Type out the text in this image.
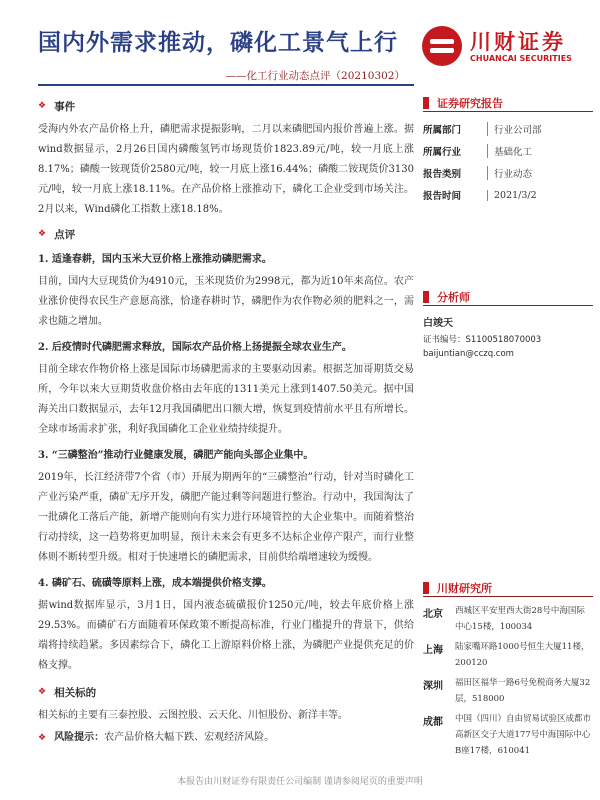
国内外需求推动，磷化工景气上行
——化工行业动态点评（20210302）
川财证券
CHUANCAI SECURITIES
❖ 事件

受海内外农产品价格上升，磷肥需求提振影响，二月以来磷肥国内报价普遍上涨。据wind数据显示，2月26日国内磷酸氢钙市场现货价1823.89元/吨，较一月底上涨8.17%；磷酸一铵现货价2580元/吨，较一月底上涨16.44%；磷酸二铵现货价3130元/吨，较一月底上涨18.11%。在产品价格上涨推动下，磷化工企业受到市场关注。2月以来，Wind磷化工指数上涨18.18%。

❖ 点评
1. 适逢春耕，国内玉米大豆价格上涨推动磷肥需求。

目前，国内大豆现货价为4910元，玉米现货价为2998元，都为近10年来高位。农产业涨价使得农民生产意愿高涨，恰逢春耕时节，磷肥作为农作物必须的肥料之一，需求也随之增加。

2. 后疫情时代磷肥需求释放，国际农产品价格上扬提振全球农业生产。

目前全球农作物价格上涨是国际市场磷肥需求的主要驱动因素。根据芝加哥期货交易所，今年以来大豆期货收盘价格由去年底的1311美元上涨到1407.50美元。据中国海关出口数据显示，去年12月我国磷肥出口额大增，恢复到疫情前水平且有所增长。全球市场需求扩张，利好我国磷化工企业业绩持续提升。

3. “三磷整治”推动行业健康发展，磷肥产能向头部企业集中。

2019年，长江经济带7个省（市）开展为期两年的“三磷整治”行动，针对当时磷化工产业污染严重，磷矿无序开发，磷肥产能过剩等问题进行整治。行动中，我国淘汰了一批磷化工落后产能，新增产能则向有实力进行环境管控的大企业集中。而随着整治行动持续，这一趋势将更加明显，预计未来会有更多不达标企业停产限产，而行业整体则不断转型升级。相对于快速增长的磷肥需求，目前供给端增速较为缓慢。

4. 磷矿石、硫磺等原料上涨，成本端提供价格支撑。

据wind数据库显示，3月1日，国内液态硫磺报价1250元/吨，较去年底价格上涨29.53%。而磷矿石方面随着环保政策不断提高标准，行业门槛提升的背景下，供给端将持续趋紧。多因素综合下，磷化工上游原料价格上涨，为磷肥产业提供充足的价格支撑。

❖ 相关标的

相关标的主要有三泰控股、云图控股、云天化、川恒股份、新洋丰等。

❖ 风险提示： 农产品价格大幅下跌、宏观经济风险。
证券研究报告
所属部门	行业公司部
所属行业	基础化工
报告类别	行业动态
报告时间	2021/3/2
分析师
白竣天
证书编号：S1100518070003
baijuntian@cczq.com
川财研究所
北京	西城区平安里西大街28号中海国际中心15楼，100034
上海	陆家嘴环路1000号恒生大厦11楼，200120
深圳	福田区福华一路6号免税商务大厦32层，518000
成都	中国（四川）自由贸易试验区成都市高新区交子大道177号中海国际中心B座17楼，610041
本报告由川财证券有限责任公司编制 谨请参阅尾页的重要声明
